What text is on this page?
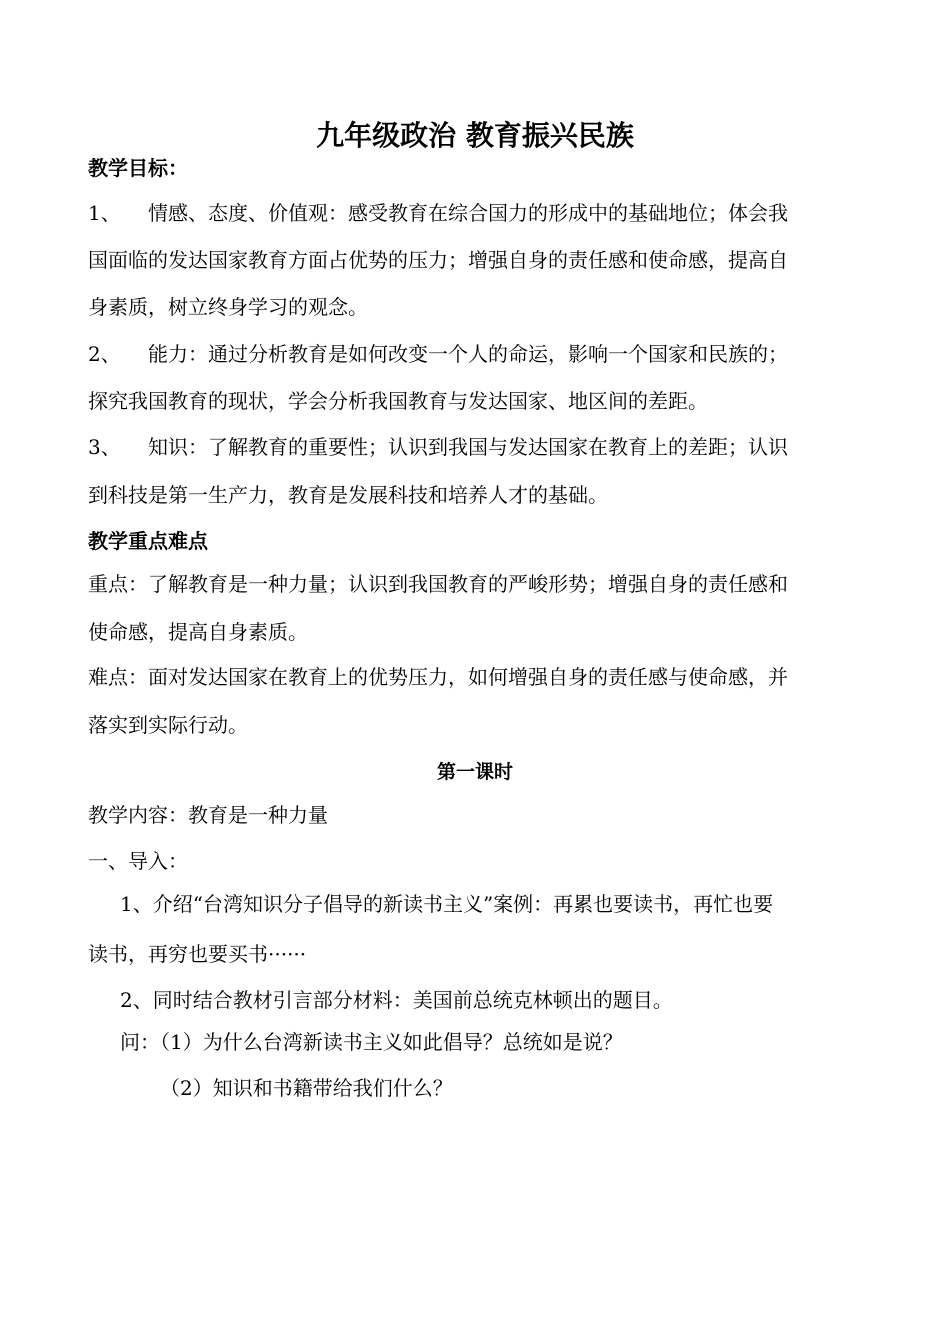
九年级政治 教育振兴民族
教学目标：
1、 情感、态度、价值观：感受教育在综合国力的形成中的基础地位；体会我
国面临的发达国家教育方面占优势的压力；增强自身的责任感和使命感，提高自
身素质，树立终身学习的观念。
2、 能力：通过分析教育是如何改变一个人的命运，影响一个国家和民族的；
探究我国教育的现状，学会分析我国教育与发达国家、地区间的差距。
3、 知识：了解教育的重要性；认识到我国与发达国家在教育上的差距；认识
到科技是第一生产力，教育是发展科技和培养人才的基础。
教学重点难点
重点：了解教育是一种力量；认识到我国教育的严峻形势；增强自身的责任感和
使命感，提高自身素质。
难点：面对发达国家在教育上的优势压力，如何增强自身的责任感与使命感，并
落实到实际行动。
第一课时
教学内容：教育是一种力量
一、导入：
1、介绍“台湾知识分子倡导的新读书主义”案例：再累也要读书，再忙也要
读书，再穷也要买书······
2、同时结合教材引言部分材料：美国前总统克林顿出的题目。
问：（1）为什么台湾新读书主义如此倡导？总统如是说？
（2）知识和书籍带给我们什么？
